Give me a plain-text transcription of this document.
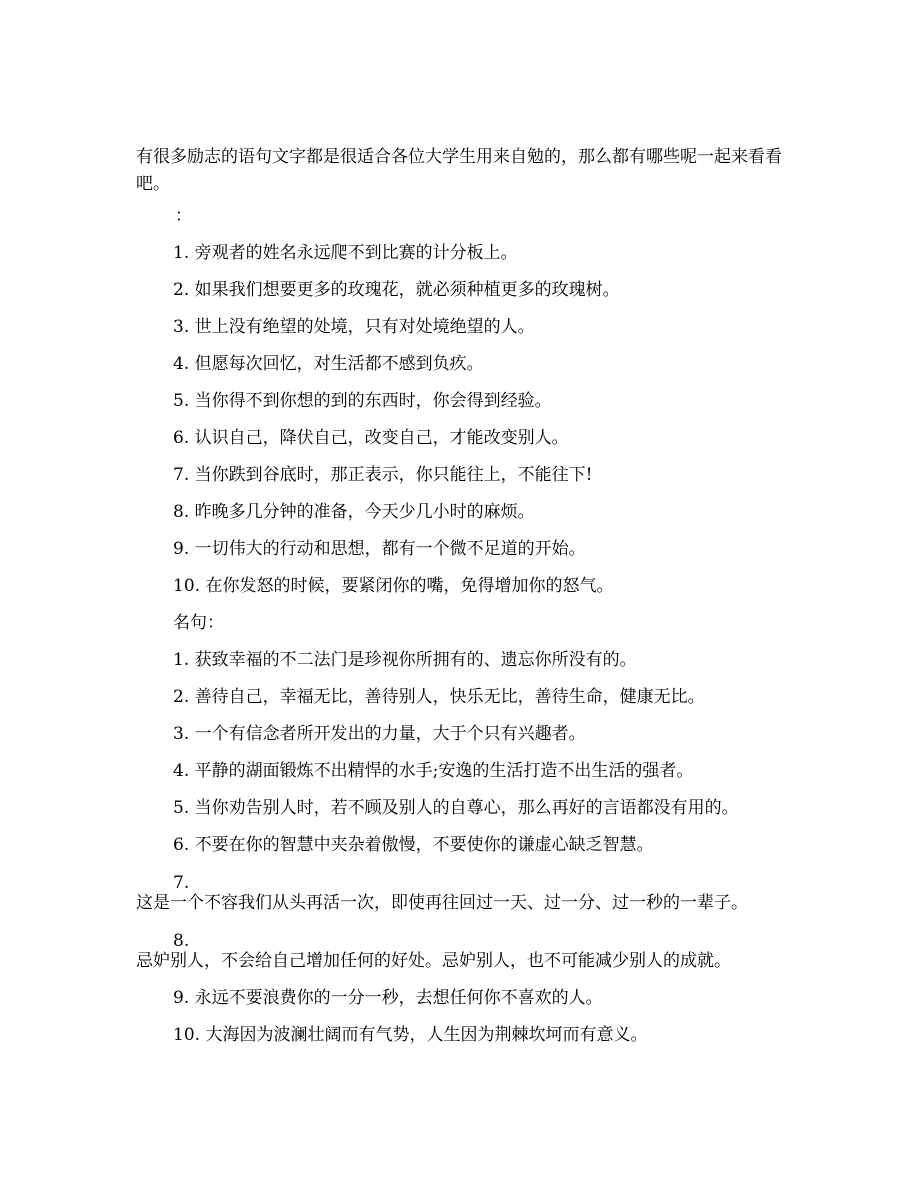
有很多励志的语句文字都是很适合各位大学生用来自勉的，那么都有哪些呢一起来看看吧。
：
1. 旁观者的姓名永远爬不到比赛的计分板上。
2. 如果我们想要更多的玫瑰花，就必须种植更多的玫瑰树。
3. 世上没有绝望的处境，只有对处境绝望的人。
4. 但愿每次回忆，对生活都不感到负疚。
5. 当你得不到你想的到的东西时，你会得到经验。
6. 认识自己，降伏自己，改变自己，才能改变别人。
7. 当你跌到谷底时，那正表示，你只能往上，不能往下!
8. 昨晚多几分钟的准备，今天少几小时的麻烦。
9. 一切伟大的行动和思想，都有一个微不足道的开始。
10. 在你发怒的时候，要紧闭你的嘴，免得增加你的怒气。
名句：
1. 获致幸福的不二法门是珍视你所拥有的、遗忘你所没有的。
2. 善待自己，幸福无比，善待别人，快乐无比，善待生命，健康无比。
3. 一个有信念者所开发出的力量，大于个只有兴趣者。
4. 平静的湖面锻炼不出精悍的水手;安逸的生活打造不出生活的强者。
5. 当你劝告别人时，若不顾及别人的自尊心，那么再好的言语都没有用的。
6. 不要在你的智慧中夹杂着傲慢，不要使你的谦虚心缺乏智慧。
7.
这是一个不容我们从头再活一次，即使再往回过一天、过一分、过一秒的一辈子。
8.
忌妒别人，不会给自己增加任何的好处。忌妒别人，也不可能减少别人的成就。
9. 永远不要浪费你的一分一秒，去想任何你不喜欢的人。
10. 大海因为波澜壮阔而有气势，人生因为荆棘坎坷而有意义。
